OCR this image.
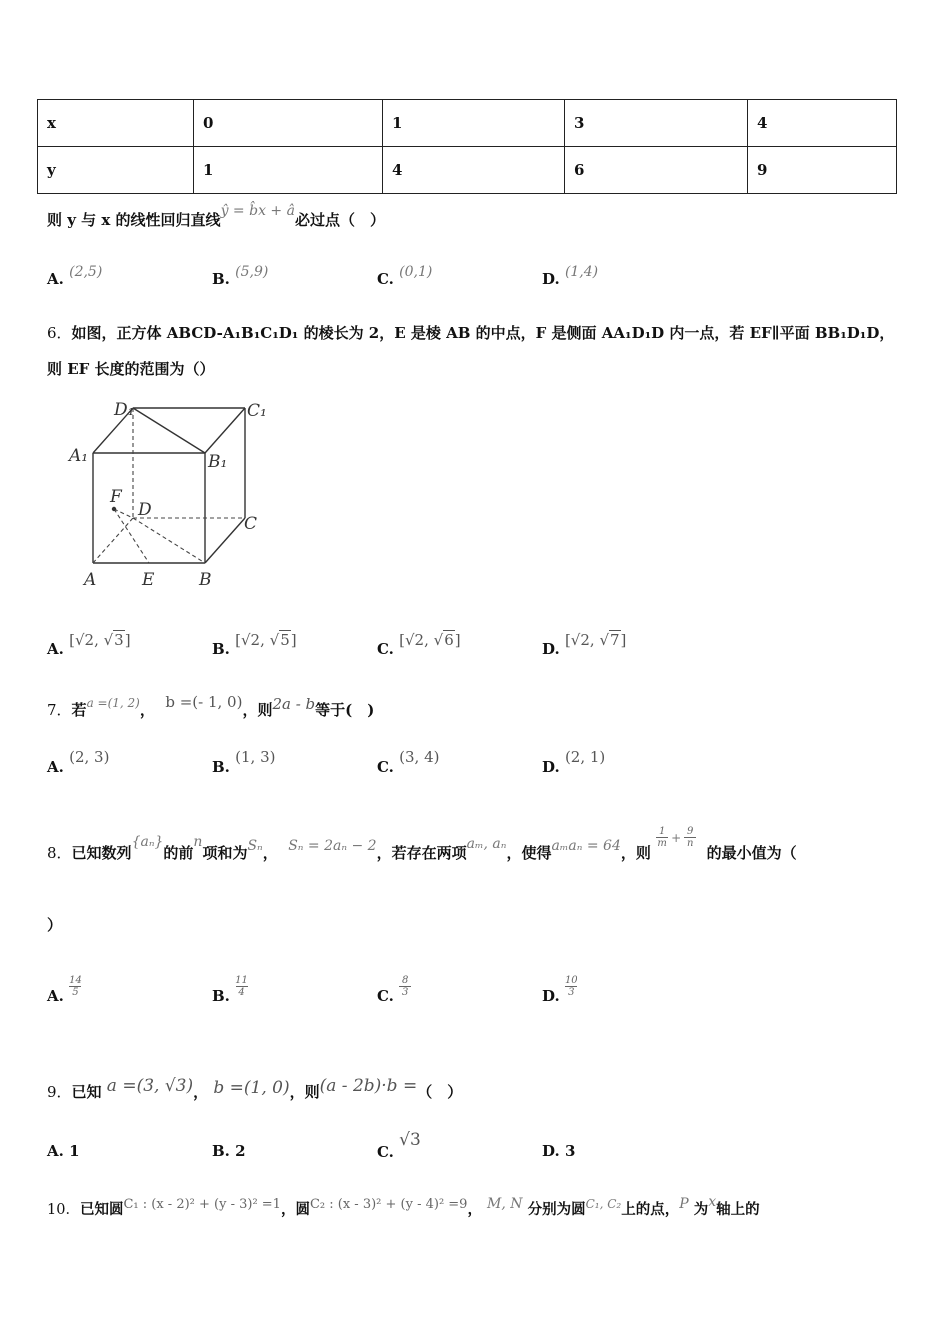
x	0	1	3	4
y	1	4	6	9
则 y 与 x 的线性回归直线ŷ = b̂x + â必过点（　）
A. (2,5)	B. (5,9)	C. (0,1)	D. (1,4)
6．如图，正方体 ABCD-A₁B₁C₁D₁ 的棱长为 2，E 是棱 AB 的中点，F 是侧面 AA₁D₁D 内一点，若 EF∥平面 BB₁D₁D，
则 EF 长度的范围为（）
D₁	C₁
A₁	B₁
F
D
C
A	E	B
A. [√2, √3]	B. [√2, √5]	C. [√2, √6]	D. [√2, √7]
7．若$^{a =(1, 2)}$， b =(- 1, 0)，则2a - b等于(　)
A. (2, 3)
B. (1, 3)
C. (3, 4)
D. (2, 1)
8．已知数列{aₙ}的前n项和为Sₙ， Sₙ = 2aₙ − 2，若存在两项aₘ, aₙ，使得aₘaₙ = 64，则
$\frac{1}{m} + \frac{9}{n}$
的最小值为（
）
A. $\frac{14}{5}$	B. $\frac{11}{4}$	C. $\frac{8}{3}$	D. $\frac{10}{3}$
9．已知 a =(3, √3)， b =(1, 0)，则(a - 2b)·b =（　）
A. 1	B. 2	C. √3
D. 3
10．已知圆C₁ : (x - 2)² + (y - 3)² =1，圆C₂ : (x - 3)² + (y - 4)² =9， M, N 分别为圆$^{C_1, C_2}$上的点，P 为x轴上的
